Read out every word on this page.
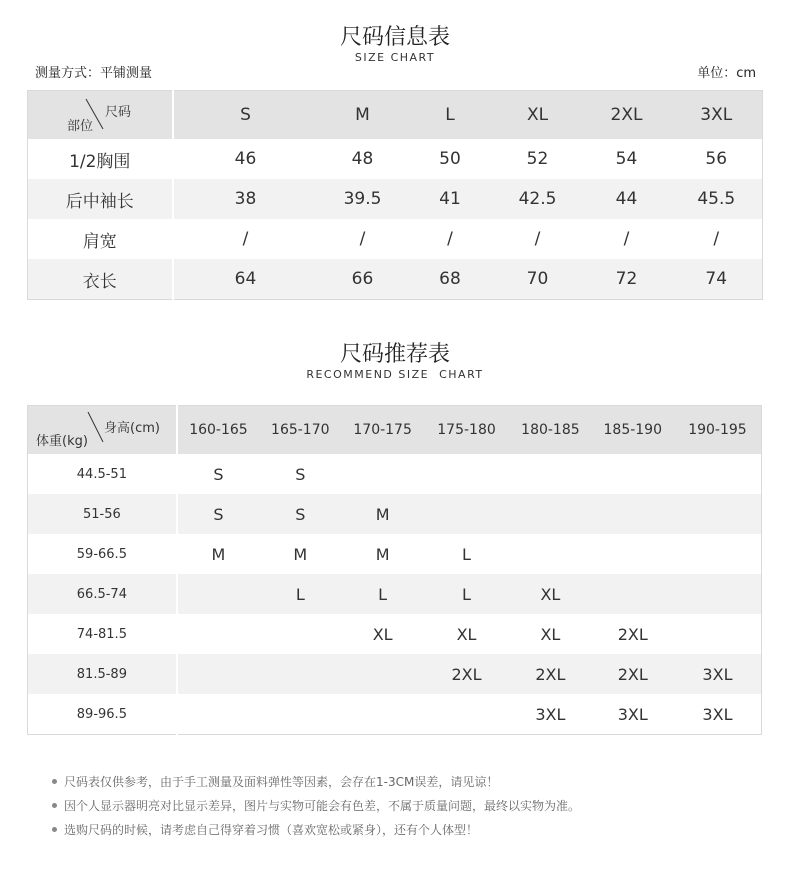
尺码信息表
SIZE CHART
测量方式：平铺测量	单位：cm
尺码
部位	S	M	L	XL	2XL	3XL
1/2胸围	46	48	50	52	54	56
后中袖长	38	39.5	41	42.5	44	45.5
肩宽	/	/	/	/	/	/
衣长	64	66	68	70	72	74
尺码推荐表
RECOMMEND SIZE  CHART
身高(cm)
体重(kg)	160-165	165-170	170-175	175-180	180-185	185-190	190-195
44.5-51	S	S					
51-56	S	S	M				
59-66.5	M	M	M	L			
66.5-74		L	L	L	XL		
74-81.5			XL	XL	XL	2XL	
81.5-89				2XL	2XL	2XL	3XL
89-96.5					3XL	3XL	3XL
尺码表仅供参考，由于手工测量及面料弹性等因素，会存在1-3CM误差，请见谅！
因个人显示器明亮对比显示差异，图片与实物可能会有色差，不属于质量问题，最终以实物为准。
选购尺码的时候，请考虑自己得穿着习惯（喜欢宽松或紧身），还有个人体型！
